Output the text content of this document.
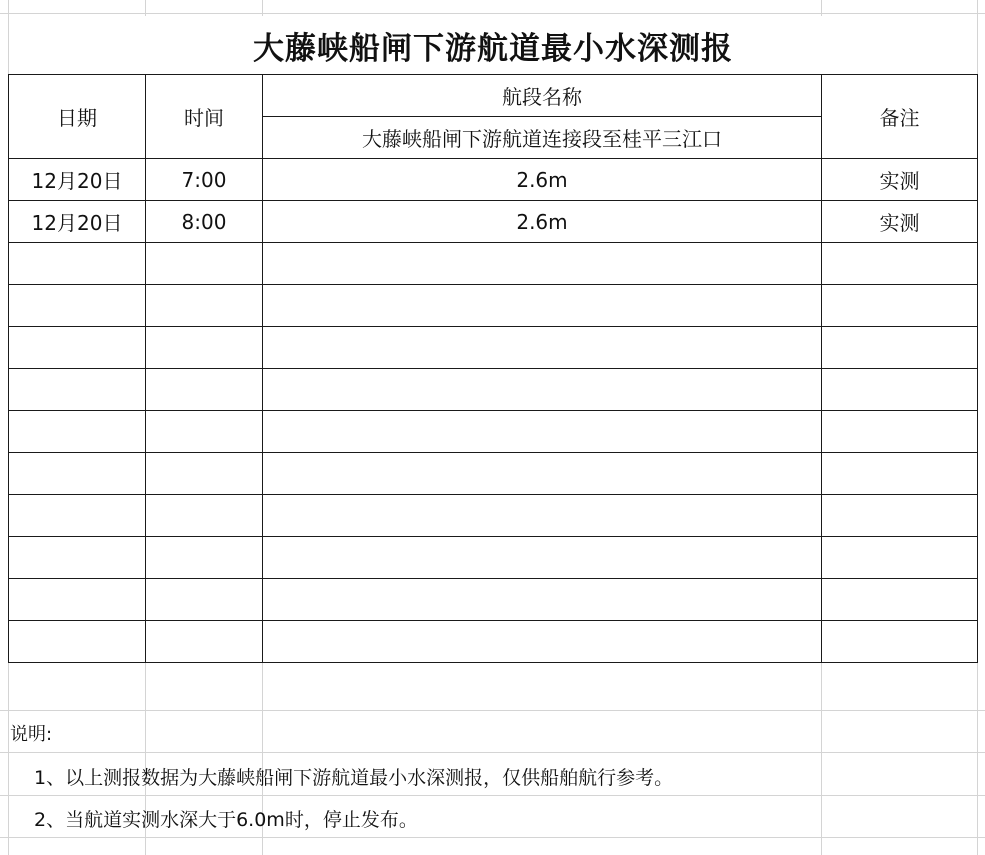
大藤峡船闸下游航道最小水深测报
日期	时间	航段名称	备注
		大藤峡船闸下游航道连接段至桂平三江口	
12月20日	7:00	2.6m	实测
12月20日	8:00	2.6m	实测

说明:
1、以上测报数据为大藤峡船闸下游航道最小水深测报，仅供船舶航行参考。
2、当航道实测水深大于6.0m时，停止发布。
